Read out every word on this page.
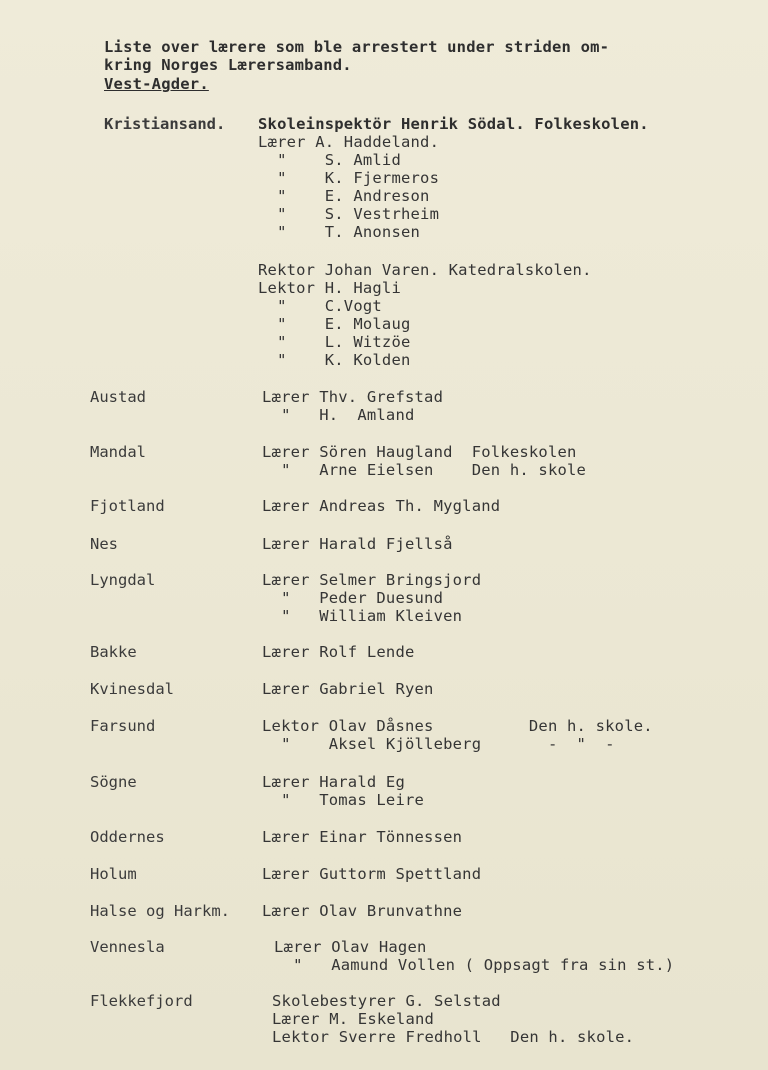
Liste over lærere som ble arrestert under striden om-
kring Norges Lærersamband.
Vest-Agder.
Kristiansand. Skoleinspektör Henrik Södal. Folkeskolen.
Lærer A. Haddeland.
"    S. Amlid
"    K. Fjermeros
"    E. Andreson
"    S. Vestrheim
"    T. Anonsen
Rektor Johan Varen. Katedralskolen.
Lektor H. Hagli
"    C.Vogt
"    E. Molaug
"    L. Witzöe
"    K. Kolden
Austad	Lærer Thv. Grefstad
"   H.  Amland
Mandal	Lærer Sören Haugland  Folkeskolen
"   Arne Eielsen    Den h. skole
Fjotland	Lærer Andreas Th. Mygland
Nes	Lærer Harald Fjellså
Lyngdal	Lærer Selmer Bringsjord
"   Peder Duesund
"   William Kleiven
Bakke	Lærer Rolf Lende
Kvinesdal	Lærer Gabriel Ryen
Farsund	Lektor Olav Dåsnes          Den h. skole.
"    Aksel Kjölleberg       -  "  -
Sögne	Lærer Harald Eg
"   Tomas Leire
Oddernes	Lærer Einar Tönnessen
Holum	Lærer Guttorm Spettland
Halse og Harkm. Lærer Olav Brunvathne
Vennesla	Lærer Olav Hagen
"   Aamund Vollen ( Oppsagt fra sin st.)
Flekkefjord	Skolebestyrer G. Selstad
Lærer M. Eskeland
Lektor Sverre Fredholl   Den h. skole.
